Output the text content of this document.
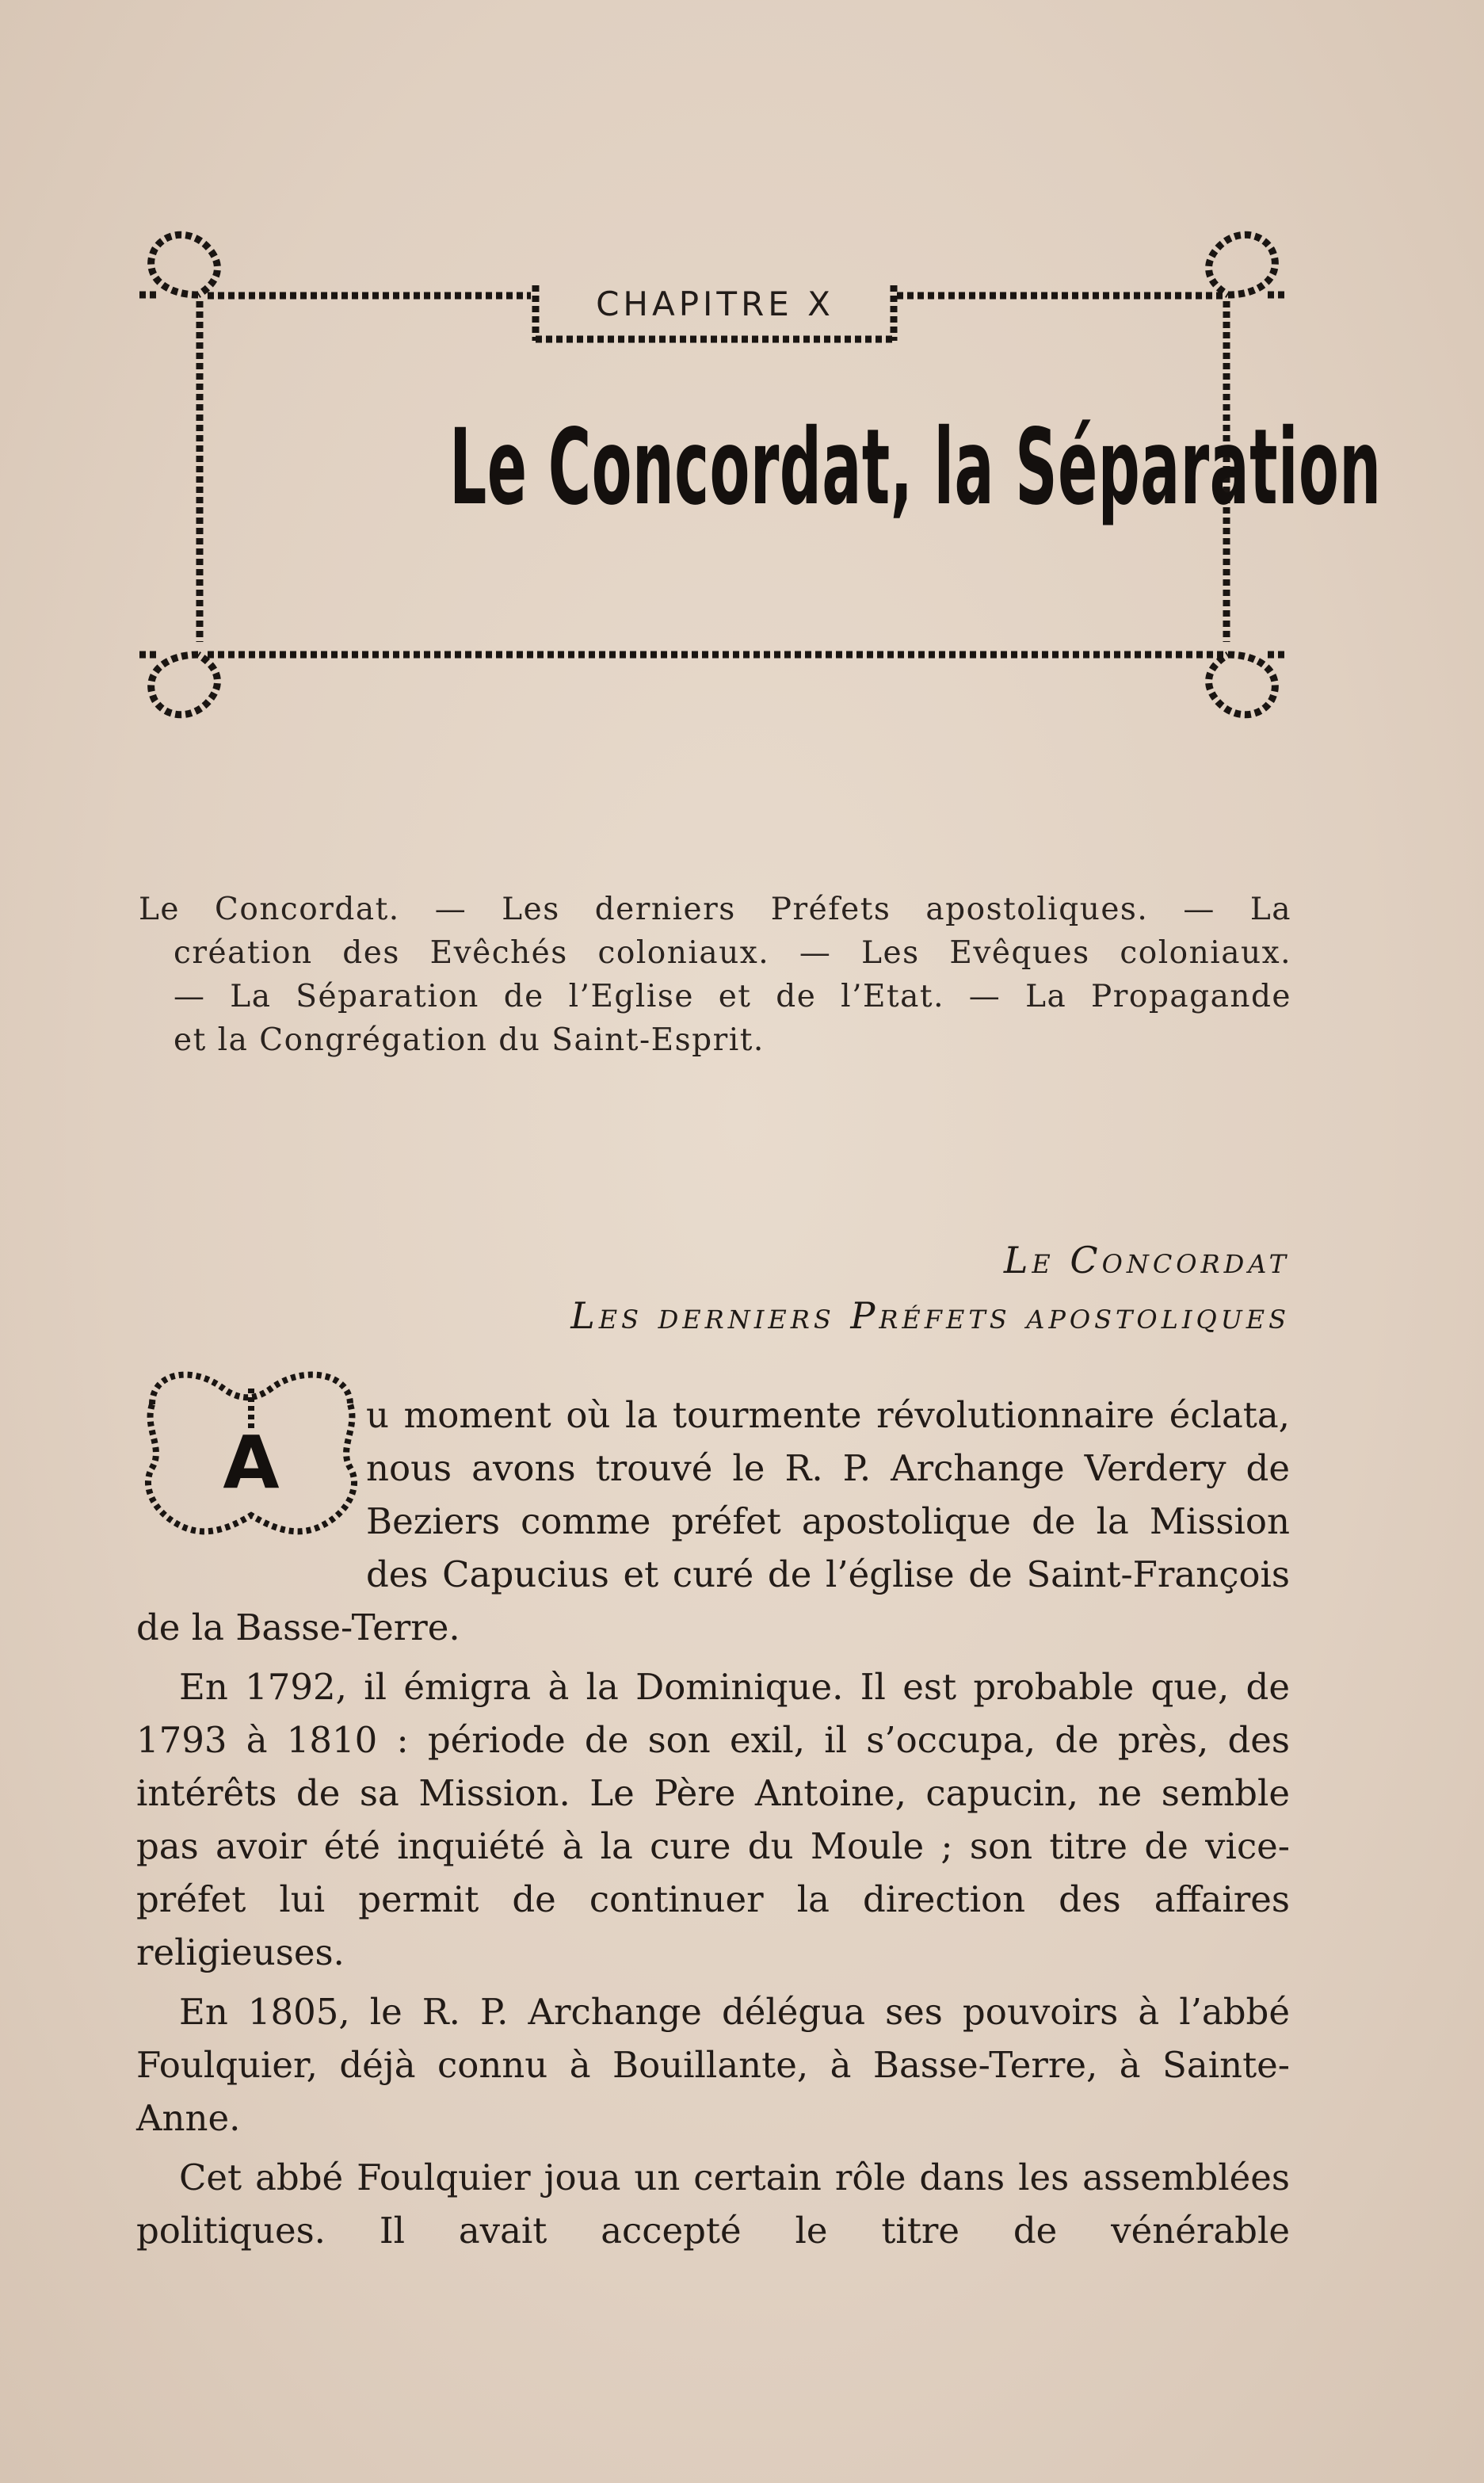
CHAPITRE X
Le Concordat, la Séparation
Le Concordat. — Les derniers Préfets apostoliques. — La
création des Evêchés coloniaux. — Les Evêques coloniaux.
— La Séparation de l’Eglise et de l’Etat. — La Propagande
et la Congrégation du Saint-Esprit.
Le Concordat
Les derniers Préfets apostoliques

A
u moment où la tourmente révolutionnaire éclata, nous avons trouvé le R. P. Archange Verdery de Beziers comme préfet apostolique de la Mission des Capucius et curé de l’église de Saint-François de la Basse-Terre.

En 1792, il émigra à la Dominique. Il est probable que, de 1793 à 1810 : période de son exil, il s’occupa, de près, des intérêts de sa Mission. Le Père Antoine, capucin, ne semble pas avoir été inquiété à la cure du Moule ; son titre de vice-préfet lui permit de continuer la direction des affaires religieuses.

En 1805, le R. P. Archange délégua ses pouvoirs à l’abbé Foulquier, déjà connu à Bouillante, à Basse-Terre, à Sainte-Anne.

Cet abbé Foulquier joua un certain rôle dans les assemblées politiques. Il avait accepté le titre de vénérable
